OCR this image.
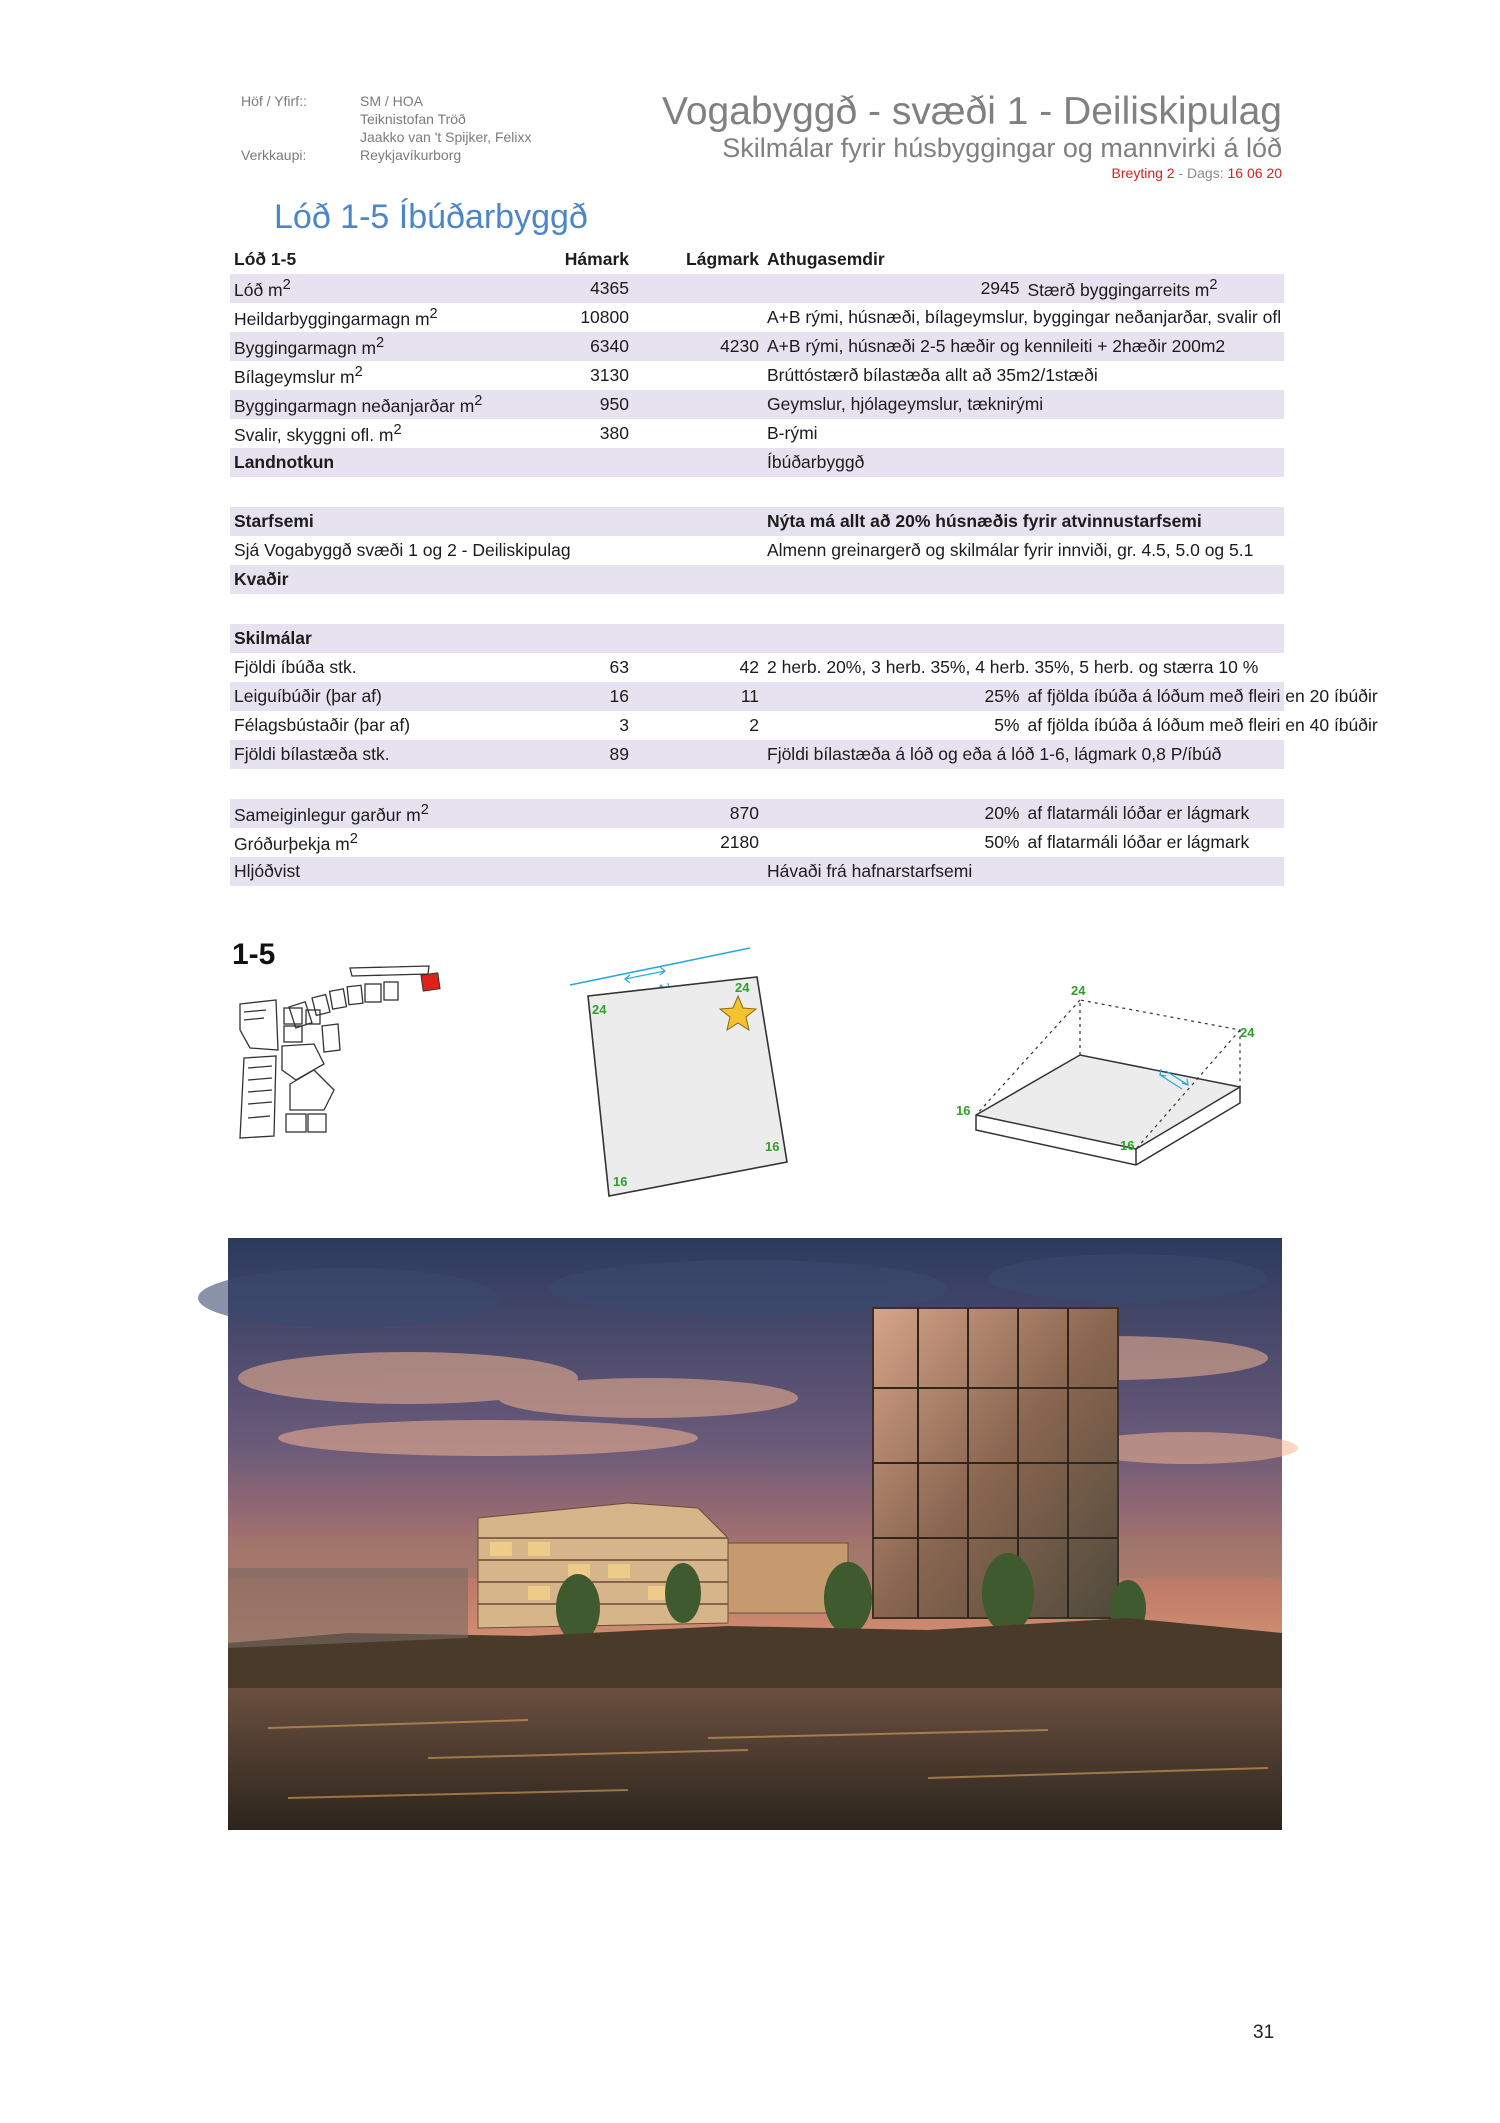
Höf / Yfirf::	SM / HOA
Teiknistofan Tröð
Jaakko van 't Spijker, Felixx
Verkkaupi:	Reykjavíkurborg
Vogabyggð - svæði 1 - Deiliskipulag
Skilmálar fyrir húsbyggingar og mannvirki á lóð
Breyting 2 - Dags: 16 06 20
Lóð 1-5 Íbúðarbyggð
Lóð 1-5	Hámark	Lágmark	Athugasemdir	
Lóð $m^2$	4365		2945	Stærð byggingarreits $m^2$
Heildarbyggingarmagn $m^2$	10800		A+B rými, húsnæði, bílageymslur, byggingar neðanjarðar, svalir ofl	
Byggingarmagn $m^2$	6340	4230	A+B rými, húsnæði 2-5 hæðir og kennileiti + 2hæðir 200m2	
Bílageymslur $m^2$	3130		Brúttóstærð bílastæða allt að 35m2/1stæði	
Byggingarmagn neðanjarðar $m^2$	950		Geymslur, hjólageymslur, tæknirými	
Svalir, skyggni ofl. $m^2$	380		B-rými	
Landnotkun			Íbúðarbyggð	

Starfsemi			Nýta má allt að 20% húsnæðis fyrir atvinnustarfsemi	
Sjá Vogabyggð svæði 1 og 2 - Deiliskipulag			Almenn greinargerð og skilmálar fyrir innviði, gr. 4.5, 5.0 og 5.1	
Kvaðir				

Skilmálar				
Fjöldi íbúða stk.	63	42	2 herb. 20%, 3 herb. 35%, 4 herb. 35%, 5 herb. og stærra 10 %	
Leiguíbúðir (þar af)	16	11	25%	af fjölda íbúða á lóðum með fleiri en 20 íbúðir
Félagsbústaðir (þar af)	3	2	5%	af fjölda íbúða á lóðum með fleiri en 40 íbúðir
Fjöldi bílastæða stk.	89		Fjöldi bílastæða á lóð og eða á lóð 1-6, lágmark 0,8 P/íbúð	

Sameiginlegur garður $m^2$		870	20%	af flatarmáli lóðar er lágmark
Gróðurþekja $m^2$		2180	50%	af flatarmáli lóðar er lágmark
Hljóðvist			Hávaði frá hafnarstarfsemi	
1-5
24
24
16
16
24
24
16
16
31
